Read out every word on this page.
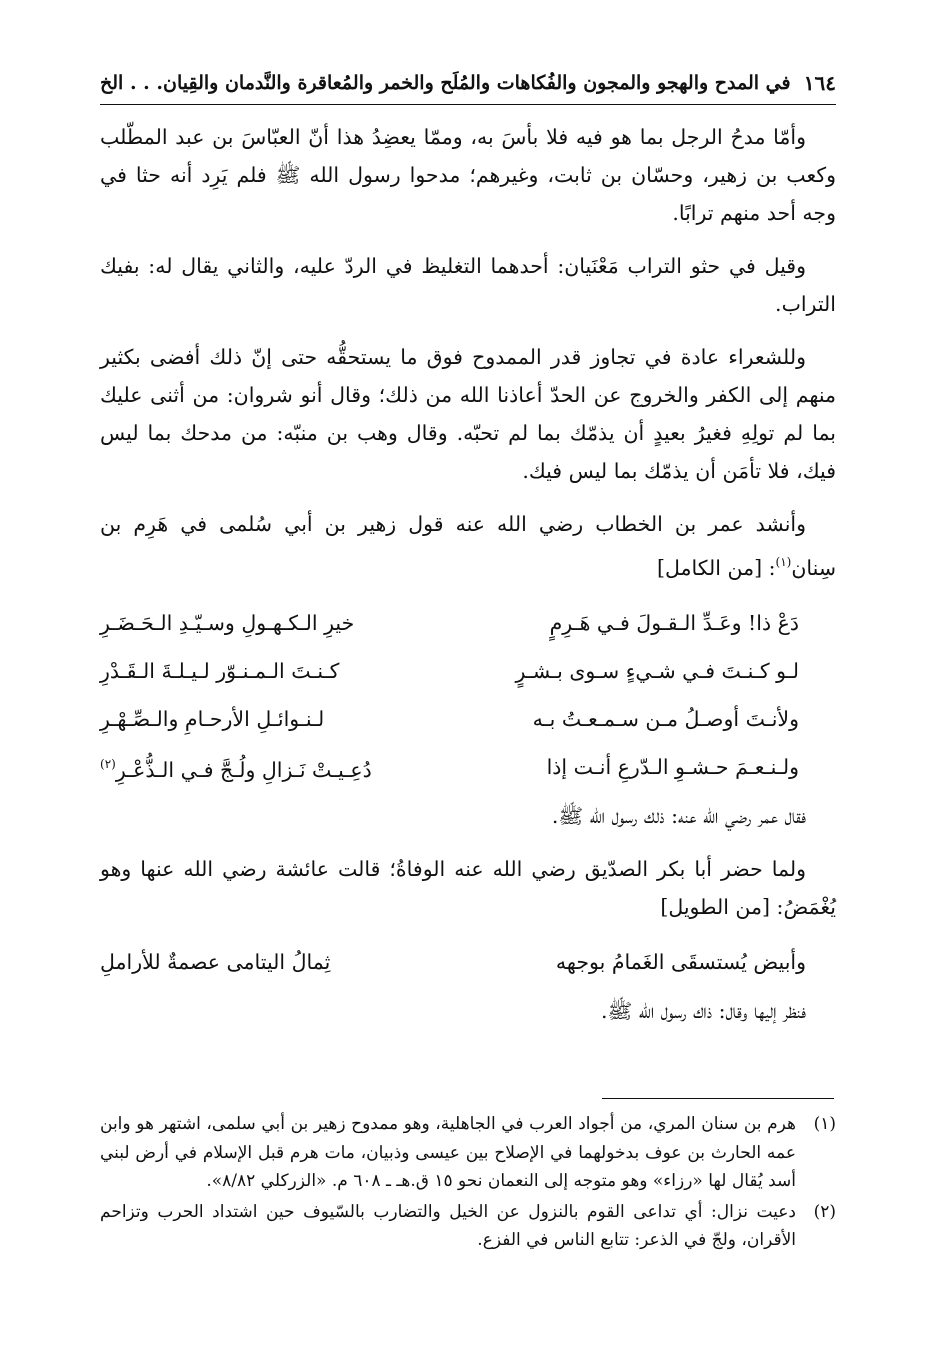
١٦٤
في المدح والهجو والمجون والفُكاهات والمُلَح والخمر والمُعاقرة والنَّدمان والقِيان. . . الخ

وأمّا مدحُ الرجل بما هو فيه فلا بأسَ به، وممّا يعضِدُ هذا أنّ العبّاسَ بن عبد المطّلب وكعب بن زهير، وحسّان بن ثابت، وغيرهم؛ مدحوا رسول الله ﷺ فلم يَرِد أنه حثا في وجه أحد منهم ترابًا.

وقيل في حثو التراب مَعْنَيان: أحدهما التغليظ في الردّ عليه، والثاني يقال له: بفيك التراب.

وللشعراء عادة في تجاوز قدر الممدوح فوق ما يستحقُّه حتى إنّ ذلك أفضى بكثير منهم إلى الكفر والخروج عن الحدّ أعاذنا الله من ذلك؛ وقال أنو شروان: من أثنى عليك بما لم تولِهِ فغيرُ بعيدٍ أن يذمّك بما لم تحبّه. وقال وهب بن منبّه: من مدحك بما ليس فيك، فلا تأمَن أن يذمّك بما ليس فيك.

وأنشد عمر بن الخطاب رضي الله عنه قول زهير بن أبي سُلمى في هَرِم بن سِنان$^{(١)}$: [من الكامل]

دَعْ ذا! وعَـدِّ الـقـولَ فـي هَـرِمٍ
خيرِ الـكـهـولِ وسـيّـدِ الـحَـضَـرِ
لـو كـنـتَ فـي شـيءٍ سـوى بـشـرٍ
كـنـتَ الـمـنـوّر لـيـلـةَ الـقَـدْرِ
ولأنـتَ أوصـلُ مـن سـمـعـتُ بـه
لـنـوائـلِ الأرحـامِ والـصِّـهْـرِ
ولـنـعـمَ حـشـوِ الـدّرعِ أنـت إذا
دُعِـيـتْ نَـزالِ ولُـجَّ فـي الـذُّعْـرِ$^{(٢)}$

فقال عمر رضي الله عنه: ذلك رسول الله ﷺ.

ولما حضر أبا بكر الصدّيق رضي الله عنه الوفاةُ؛ قالت عائشة رضي الله عنها وهو يُغْمَضُ: [من الطويل]

وأبيض يُستسقَى الغَمامُ بوجهه
ثِمالُ اليتامى عصمةٌ للأراملِ

فنظر إليها وقال: ذاك رسول الله ﷺ.

(١)
هرم بن سنان المري، من أجواد العرب في الجاهلية، وهو ممدوح زهير بن أبي سلمى، اشتهر هو وابن عمه الحارث بن عوف بدخولهما في الإصلاح بين عيسى وذبيان، مات هرم قبل الإسلام في أرض لبني أسد يُقال لها «رزاء» وهو متوجه إلى النعمان نحو ١٥ ق.هـ ـ ٦٠٨ م. «الزركلي ٨/٨٢».
(٢)
دعيت نزال: أي تداعى القوم بالنزول عن الخيل والتضارب بالسّيوف حين اشتداد الحرب وتزاحم الأقران، ولجّ في الذعر: تتابع الناس في الفزع.
